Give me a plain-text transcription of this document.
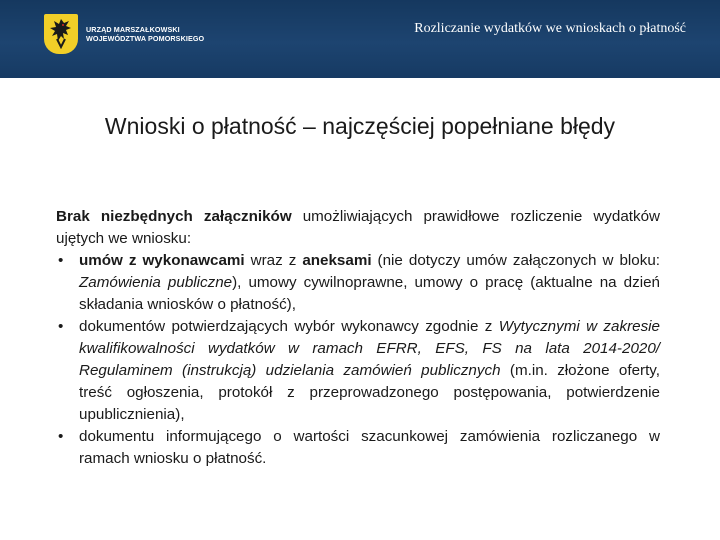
URZĄD MARSZAŁKOWSKI
WOJEWÓDZTWA POMORSKIEGO
Rozliczanie wydatków we wnioskach o płatność
Wnioski o płatność – najczęściej popełniane błędy

Brak niezbędnych załączników umożliwiających prawidłowe rozliczenie wydatków ujętych we wniosku:

• umów z wykonawcami wraz z aneksami (nie dotyczy umów załączonych w bloku: Zamówienia publiczne), umowy cywilnoprawne, umowy o pracę (aktualne na dzień składania wniosków o płatność),
• dokumentów potwierdzających wybór wykonawcy zgodnie z Wytycznymi w zakresie kwalifikowalności wydatków w ramach EFRR, EFS, FS na lata 2014-2020/ Regulaminem (instrukcją) udzielania zamówień publicznych (m.in. złożone oferty, treść ogłoszenia, protokół z przeprowadzonego postępowania, potwierdzenie upublicznienia),
• dokumentu informującego o wartości szacunkowej zamówienia rozliczanego w ramach wniosku o płatność.
